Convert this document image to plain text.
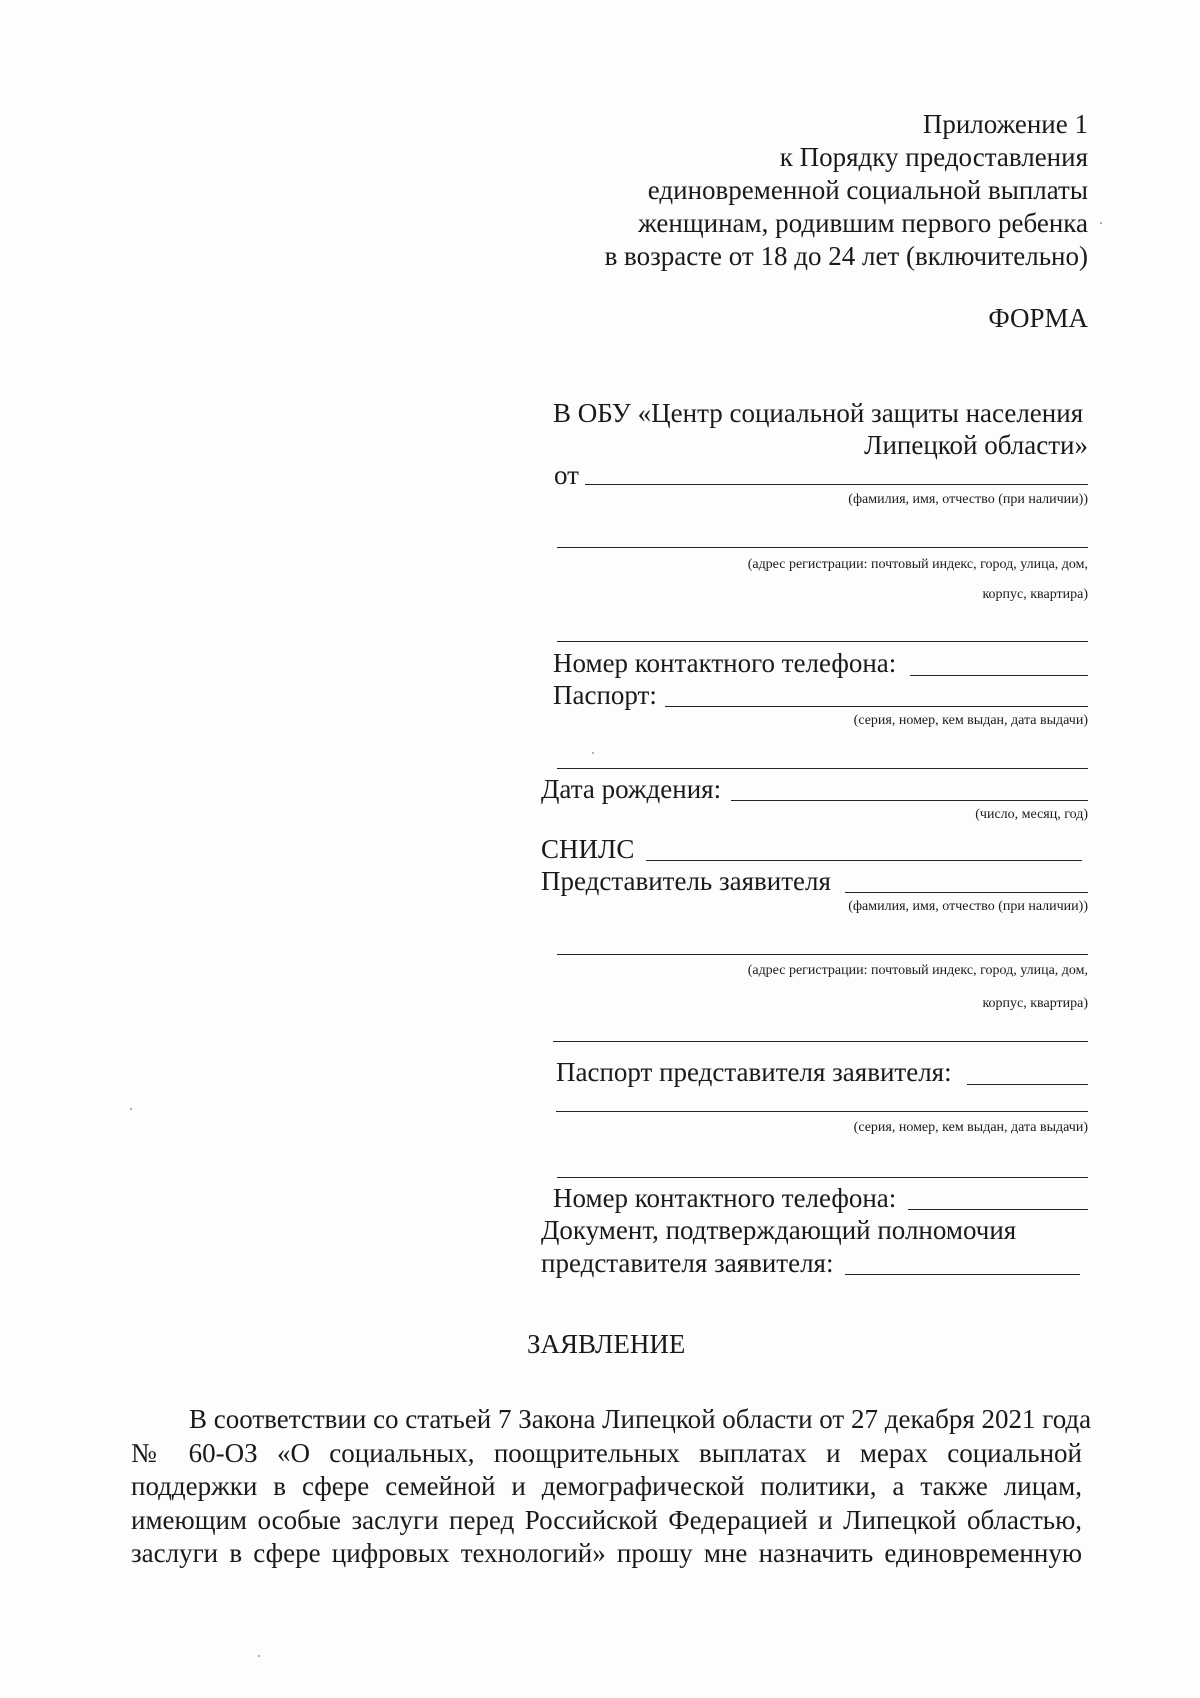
Приложение 1
к Порядку предоставления
единовременной социальной выплаты
женщинам, родившим первого ребенка
в возрасте от 18 до 24 лет (включительно)
ФОРМА
В ОБУ «Центр социальной защиты населения
Липецкой области»
от
(фамилия, имя, отчество (при наличии))
(адрес регистрации: почтовый индекс, город, улица, дом,
корпус, квартира)
Номер контактного телефона:
Паспорт:
(серия, номер, кем выдан, дата выдачи)
Дата рождения:
(число, месяц, год)
СНИЛС
Представитель заявителя
(фамилия, имя, отчество (при наличии))
(адрес регистрации: почтовый индекс, город, улица, дом,
корпус, квартира)
Паспорт представителя заявителя:
(серия, номер, кем выдан, дата выдачи)
Номер контактного телефона:
Документ, подтверждающий полномочия
представителя заявителя:
ЗАЯВЛЕНИЕ
В соответствии со статьей 7 Закона Липецкой области от 27 декабря 2021 года
№ 60-ОЗ «О социальных, поощрительных выплатах и мерах социальной
поддержки в сфере семейной и демографической политики, а также лицам,
имеющим особые заслуги перед Российской Федерацией и Липецкой областью,
заслуги в сфере цифровых технологий» прошу мне назначить единовременную
